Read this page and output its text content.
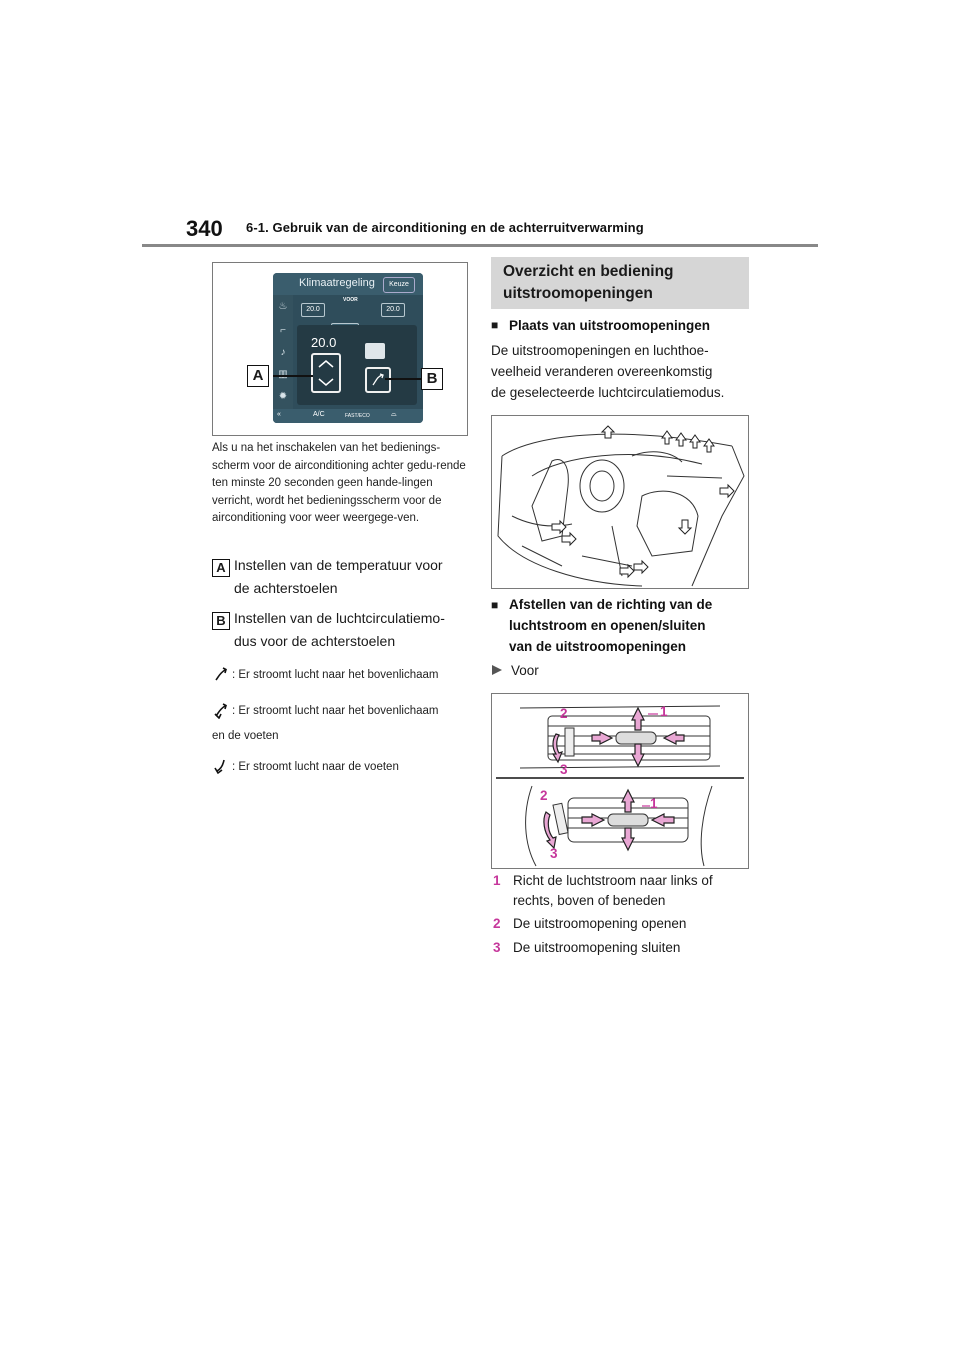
340 6-1. Gebruik van de airconditioning en de achterruitverwarming
Klimaatregeling	Keuze
♨
⌐
♪
✹
VOOR
20.0	20.0
20.0
«	A/C	FAST/ECO	⌓
A	B
Als u na het inschakelen van het bedienings-scherm voor de airconditioning achter gedu-rende ten minste 20 seconden geen hande-lingen verricht, wordt het bedieningsscherm voor de airconditioning voor weer weergege-ven.
A Instellen van de temperatuur voor
de achterstoelen
B Instellen van de luchtcirculatiemo-
dus voor de achterstoelen
: Er stroomt lucht naar het bovenlichaam
: Er stroomt lucht naar het bovenlichaam
en de voeten
: Er stroomt lucht naar de voeten
Overzicht en bediening
uitstroomopeningen
■ Plaats van uitstroomopeningen
De uitstroomopeningen en luchthoe-
veelheid veranderen overeenkomstig
de geselecteerde luchtcirculatiemodus.
■ Afstellen van de richting van de
luchtstroom en openen/sluiten
van de uitstroomopeningen
Voor
2	1
3
2
1
3
1 Richt de luchtstroom naar links of
rechts, boven of beneden
2 De uitstroomopening openen
3 De uitstroomopening sluiten
